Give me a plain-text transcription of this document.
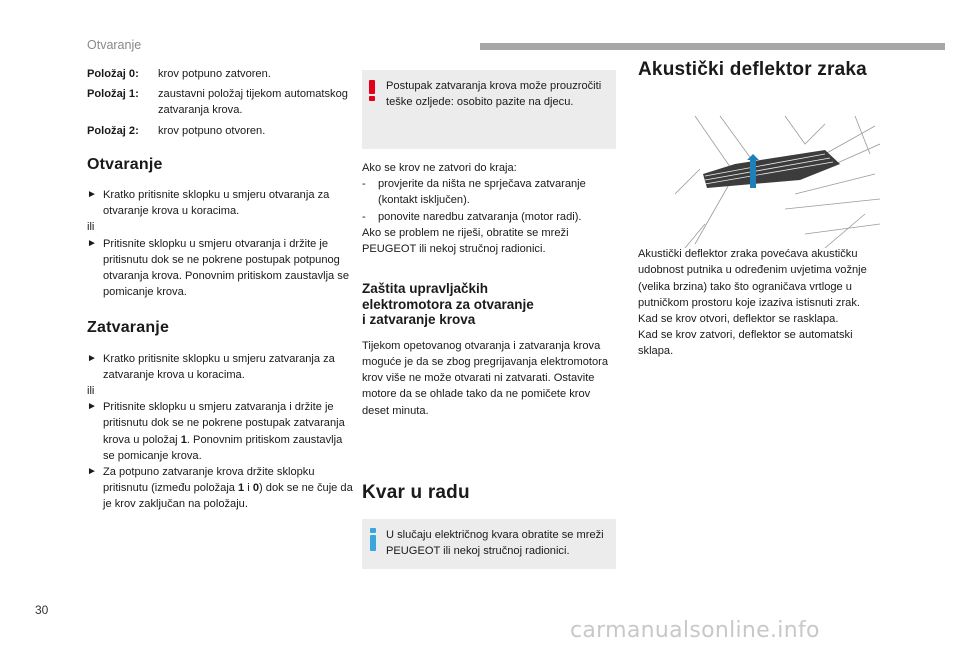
Otvaranje
Položaj 0:	krov potpuno zatvoren.
Položaj 1:	zaustavni položaj tijekom automatskog zatvaranja krova.
Položaj 2:	krov potpuno otvoren.
Otvaranje
► Kratko pritisnite sklopku u smjeru otvaranja za otvaranje krova u koracima.
ili
► Pritisnite sklopku u smjeru otvaranja i držite je pritisnutu dok se ne pokrene postupak potpunog otvaranja krova. Ponovnim pritiskom zaustavlja se pomicanje krova.
Zatvaranje
► Kratko pritisnite sklopku u smjeru zatvaranja za zatvaranje krova u koracima.
ili
► Pritisnite sklopku u smjeru zatvaranja i držite je pritisnutu dok se ne pokrene postupak zatvaranja krova u položaj 1. Ponovnim pritiskom zaustavlja se pomicanje krova.
► Za potpuno zatvaranje krova držite sklopku pritisnutu (između položaja 1 i 0) dok se ne čuje da je krov zaključan na položaju.
Postupak zatvaranja krova može prouzročiti teške ozljede: osobito pazite na djecu.
Ako se krov ne zatvori do kraja:
-	provjerite da ništa ne sprječava zatvaranje (kontakt isključen).
-	ponovite naredbu zatvaranja (motor radi).
Ako se problem ne riješi, obratite se mreži PEUGEOT ili nekoj stručnoj radionici.
Zaštita upravljačkih
elektromotora za otvaranje
i zatvaranje krova
Tijekom opetovanog otvaranja i zatvaranja krova moguće je da se zbog pregrijavanja elektromotora krov više ne može otvarati ni zatvarati. Ostavite motore da se ohlade tako da ne pomičete krov deset minuta.
Kvar u radu
U slučaju električnog kvara obratite se mreži PEUGEOT ili nekoj stručnoj radionici.
Akustički deflektor zraka
Akustički deflektor zraka povećava akustičku udobnost putnika u određenim uvjetima vožnje (velika brzina) tako što ograničava vrtloge u putničkom prostoru koje izaziva istisnuti zrak.
Kad se krov otvori, deflektor se rasklapa.
Kad se krov zatvori, deflektor se automatski sklapa.
30
carmanualsonline.info
